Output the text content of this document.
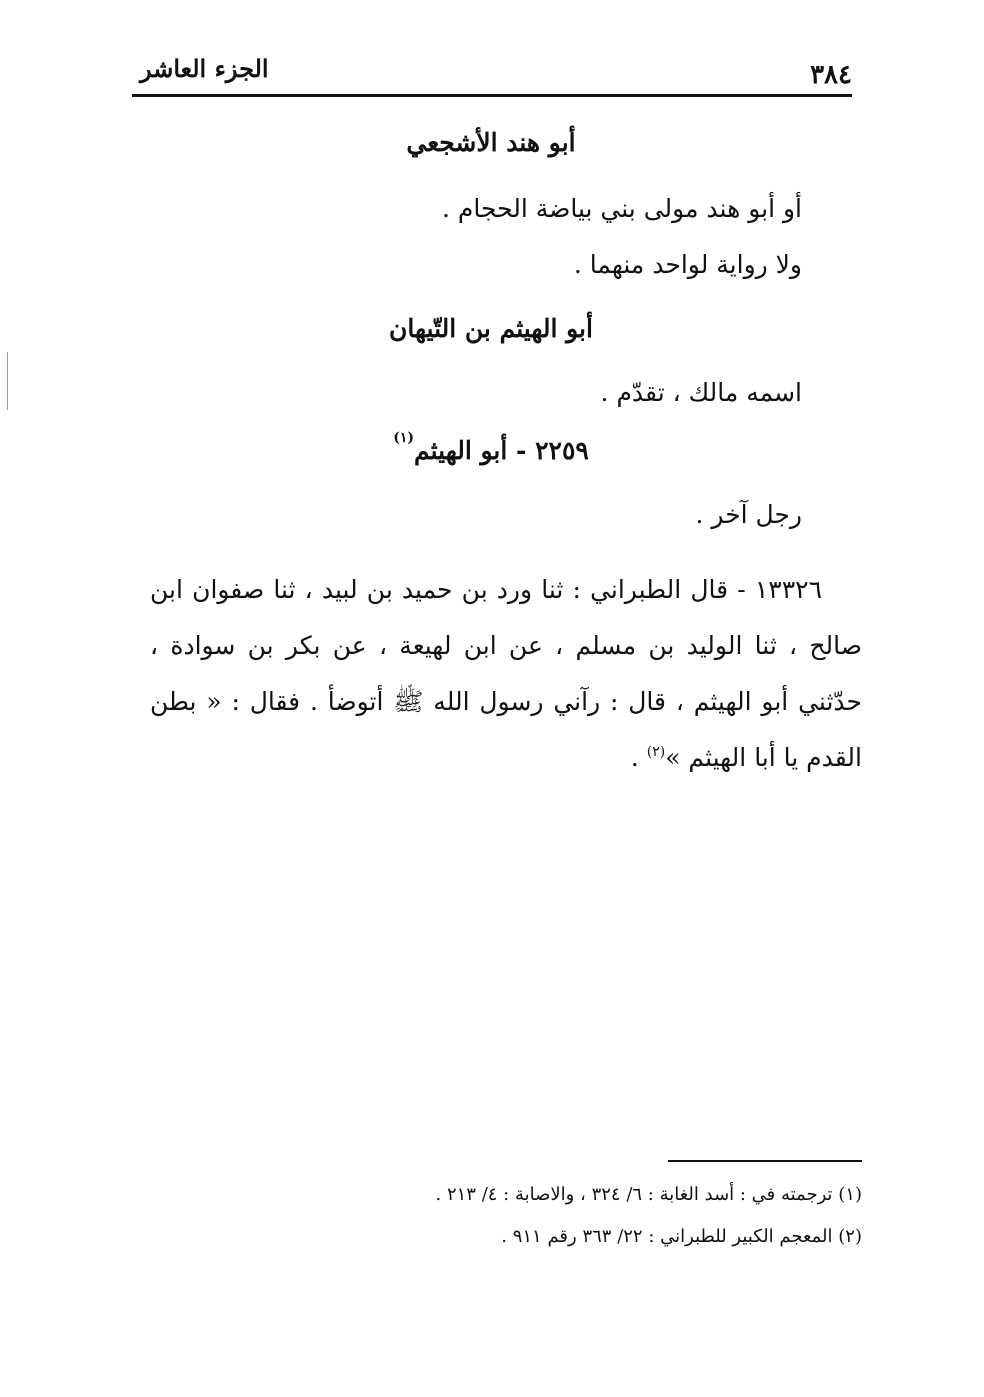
٣٨٤
الجزء العاشر
أبو هند الأشجعي
أو أبو هند مولى بني بياضة الحجام .
ولا رواية لواحد منهما .
أبو الهيثم بن التّيهان
اسمه مالك ، تقدّم .
٢٢٥٩ - أبو الهيثم$^{(١)}$
رجل آخر .
١٣٣٢٦ - قال الطبراني : ثنا ورد بن حميد بن لبيد ، ثنا صفوان ابن صالح ، ثنا الوليد بن مسلم ، عن ابن لهيعة ، عن بكر بن سوادة ، حدّثني أبو الهيثم ، قال : رآني رسول الله ﷺ أتوضأ . فقال : « بطن القدم يا أبا الهيثم »$^{(٢)}$ .
(١) ترجمته في : أسد الغابة : ٦/ ٣٢٤ ، والاصابة : ٤/ ٢١٣ .
(٢) المعجم الكبير للطبراني : ٢٢/ ٣٦٣ رقم ٩١١ .
